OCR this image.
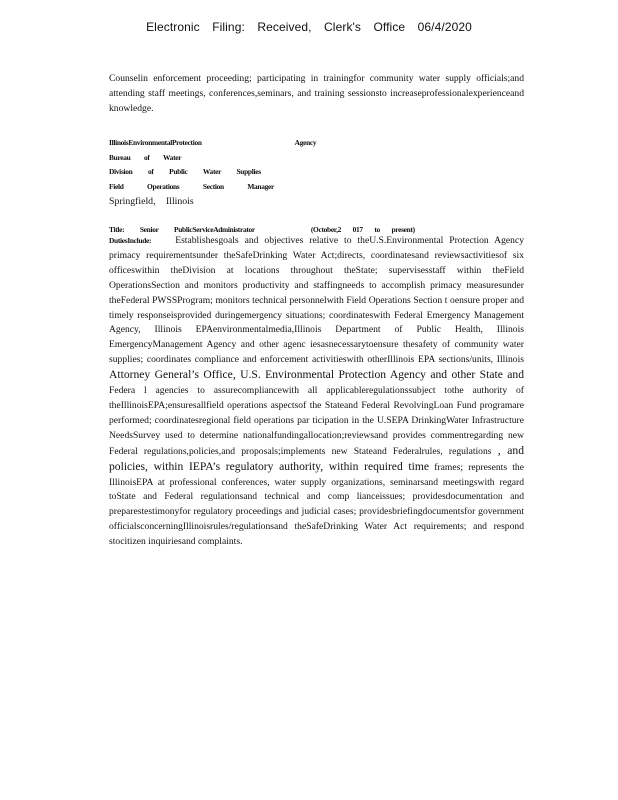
Electronic Filing: Received, Clerk's Office 06/4/2020

Counselin enforcement proceeding; participating in trainingfor community water supply officials;and attending staff meetings, conferences,seminars, and training sessionsto increaseprofessionalexperienceand knowledge.

IllinoisEnvironmentalProtection	Agency
Bureau of Water
Division of Public Water Supplies
Field Operations Section Manager
Springfield, Illinois
Title: Senior PublicServiceAdministrator	(October,2 017 to present)

DutiesInclude:	Establishesgoals and objectives relative to theU.S.Environmental Protection Agency primacy requirementsunder theSafeDrinking Water Act;directs, coordinatesand reviewsactivitiesof six officeswithin theDivision at locations throughout theState; supervisesstaff within theField OperationsSection and monitors productivity and staffingneeds to accomplish primacy measuresunder theFederal PWSSProgram; monitors technical personnelwith Field Operations Section t oensure proper and timely responseisprovided duringemergency situations; coordinateswith Federal Emergency Management Agency, Illinois EPAenvironmentalmedia,Illinois Department of Public Health, Illinois EmergencyManagement Agency and other agenc iesasnecessarytoensure thesafety of community water supplies; coordinates compliance and enforcement activitieswith otherIllinois EPA sections/units, Illinois Attorney General’s Office, U.S. Environmental Protection Agency and other State and Federa l agencies to assurecompliancewith all applicableregulationssubject tothe authority of theIllinoisEPA;ensuresallfield operations aspectsof the Stateand Federal RevolvingLoan Fund programare performed; coordinatesregional field operations par ticipation in the U.SEPA DrinkingWater Infrastructure NeedsSurvey used to determine nationalfundingallocation;reviewsand provides commentregarding new Federal regulations,policies,and proposals;implements new Stateand Federalrules, regulations , and policies, within IEPA’s regulatory authority, within required time frames; represents the IllinoisEPA at professional conferences, water supply organizations, seminarsand meetingswith regard toState and Federal regulationsand technical and comp lianceissues; providesdocumentation and preparestestimonyfor regulatory proceedings and judicial cases; providesbriefingdocumentsfor government officialsconcerningIllinoisrules/regulationsand theSafeDrinking Water Act requirements; and respond stocitizen inquiriesand complaints.
